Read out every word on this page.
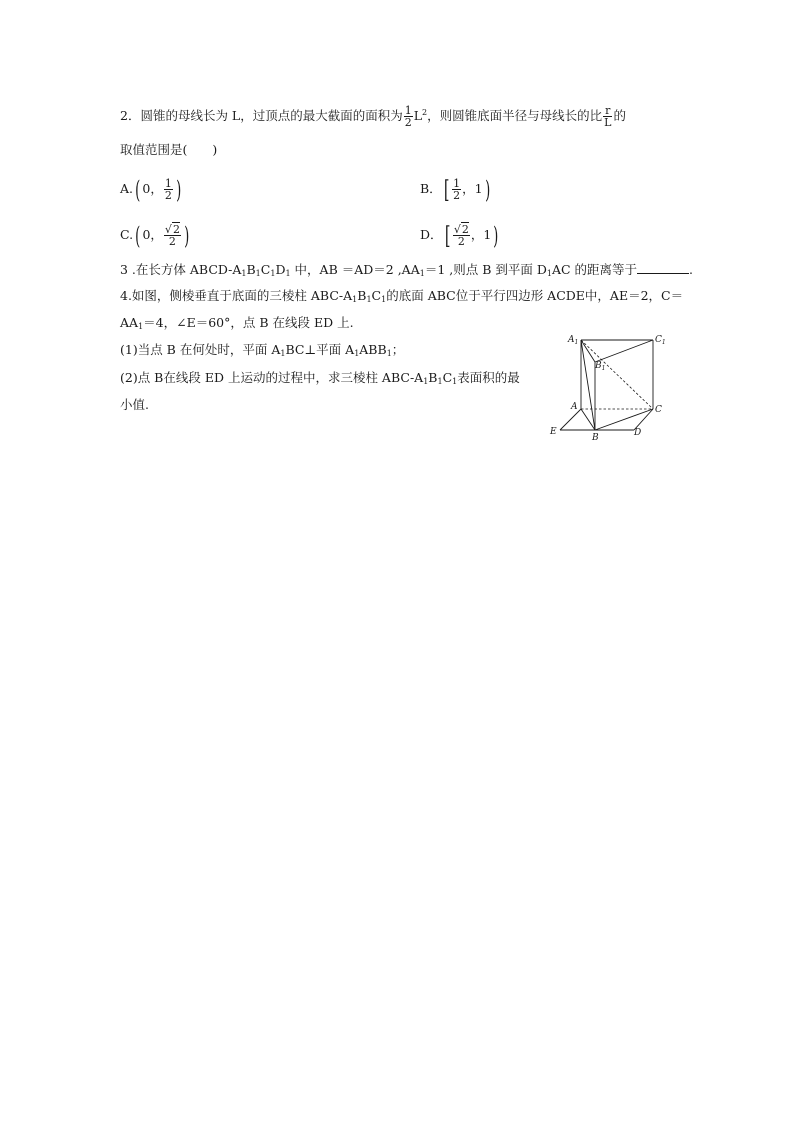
2．圆锥的母线长为 L，过顶点的最大截面的面积为 $\frac{1}{2} L^2$，则圆锥底面半径与母线长的比 $\frac{r}{L}$ 的
取值范围是(　　)
A.( 0， $\frac{1}{2}$ )	B．[ $\frac{1}{2}$ ，1)
C.( 0， $\frac{√2}{2}$ )	D．[ $\frac{√2}{2}$ ，1)
3 .在长方体 ABCD-$A_1B_1C_1D_1$ 中，AB ＝AD＝2 $,AA_1=1$ ,则点 B 到平面 $D_1AC$ 的距离等于	.
4.如图，侧棱垂直于底面的三棱柱 ABC-$A_1B_1C_1$的底面 ABC位于平行四边形 ACDE中，AE＝2，C＝
$AA_1=4$，∠E＝60°，点 B 在线段 ED 上.
(1)当点 B 在何处时，平面 $A_1BC\perp$平面 $A_1ABB_1$；
(2)点 B在线段 ED 上运动的过程中，求三棱柱 ABC-$A_1B_1C_1$表面积的最
小值.
$A_1$
$B_1$
$C_1$
A	C
B	D
E
